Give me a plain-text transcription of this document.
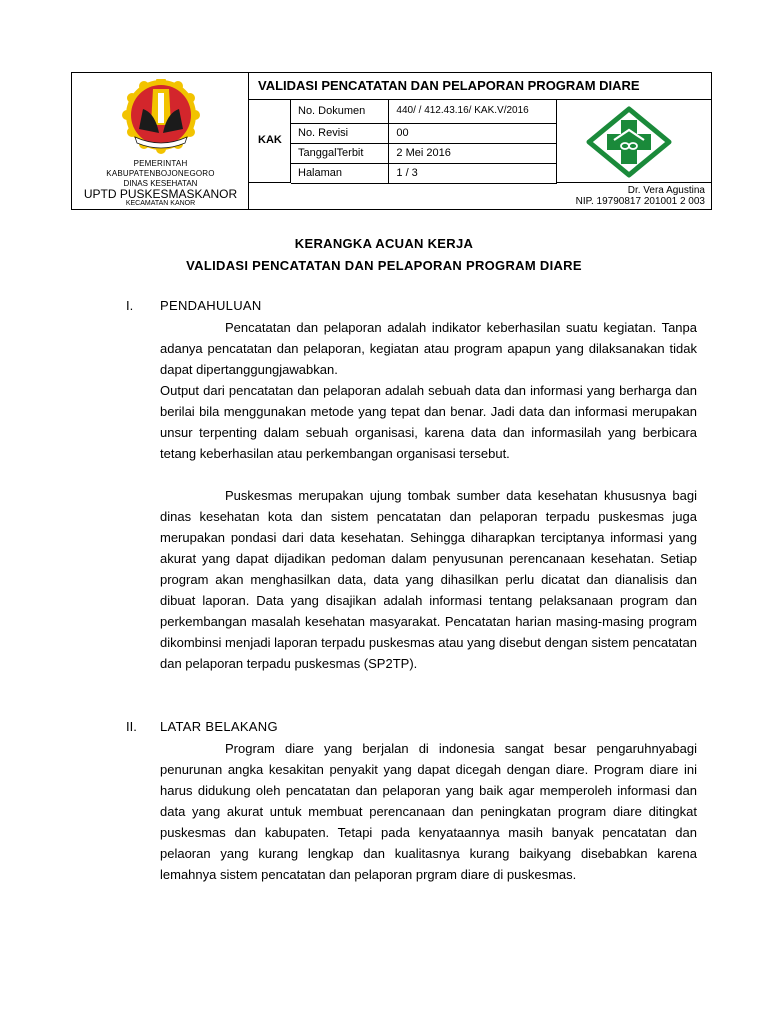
PEMERINTAH
KABUPATENBOJONEGORO
DINAS KESEHATAN
UPTD PUSKESMASKANOR
KECAMATAN KANOR
VALIDASI PENCATATAN DAN PELAPORAN PROGRAM DIARE
KAK
No. Dokumen	440/ / 412.43.16/ KAK.V/2016

No. Revisi	00
TanggalTerbit	2 Mei 2016
Halaman	1 / 3
Dr. Vera Agustina
NIP. 19790817 201001 2 003
KERANGKA ACUAN KERJA
VALIDASI PENCATATAN DAN PELAPORAN PROGRAM DIARE
I. PENDAHULUAN

Pencatatan dan pelaporan adalah indikator keberhasilan suatu kegiatan. Tanpa adanya pencatatan dan pelaporan, kegiatan atau program apapun yang dilaksanakan tidak dapat dipertanggungjawabkan.

Output dari pencatatan dan pelaporan adalah sebuah data dan informasi yang berharga dan berilai bila menggunakan metode yang tepat dan benar. Jadi data dan informasi merupakan unsur terpenting dalam sebuah organisasi, karena data dan informasilah yang berbicara tetang keberhasilan atau perkembangan organisasi tersebut.

Puskesmas merupakan ujung tombak sumber data kesehatan khususnya bagi dinas kesehatan kota dan sistem pencatatan dan pelaporan terpadu puskesmas juga merupakan pondasi dari data kesehatan. Sehingga diharapkan terciptanya informasi yang akurat yang dapat dijadikan pedoman dalam penyusunan perencanaan kesehatan. Setiap program akan menghasilkan data, data yang dihasilkan perlu dicatat dan dianalisis dan dibuat laporan. Data yang disajikan adalah informasi tentang pelaksanaan program dan perkembangan masalah kesehatan masyarakat. Pencatatan harian masing-masing program dikombinsi menjadi laporan terpadu puskesmas atau yang disebut dengan sistem pencatatan dan pelaporan terpadu puskesmas (SP2TP).

II. LATAR BELAKANG

Program diare yang berjalan di indonesia sangat besar pengaruhnyabagi penurunan angka kesakitan penyakit yang dapat dicegah dengan diare. Program diare ini harus didukung oleh pencatatan dan pelaporan yang baik agar memperoleh informasi dan data yang akurat untuk membuat perencanaan dan peningkatan program diare ditingkat puskesmas dan kabupaten. Tetapi pada kenyataannya masih banyak pencatatan dan pelaoran yang kurang lengkap dan kualitasnya kurang baikyang disebabkan karena lemahnya sistem pencatatan dan pelaporan prgram diare di puskesmas.
